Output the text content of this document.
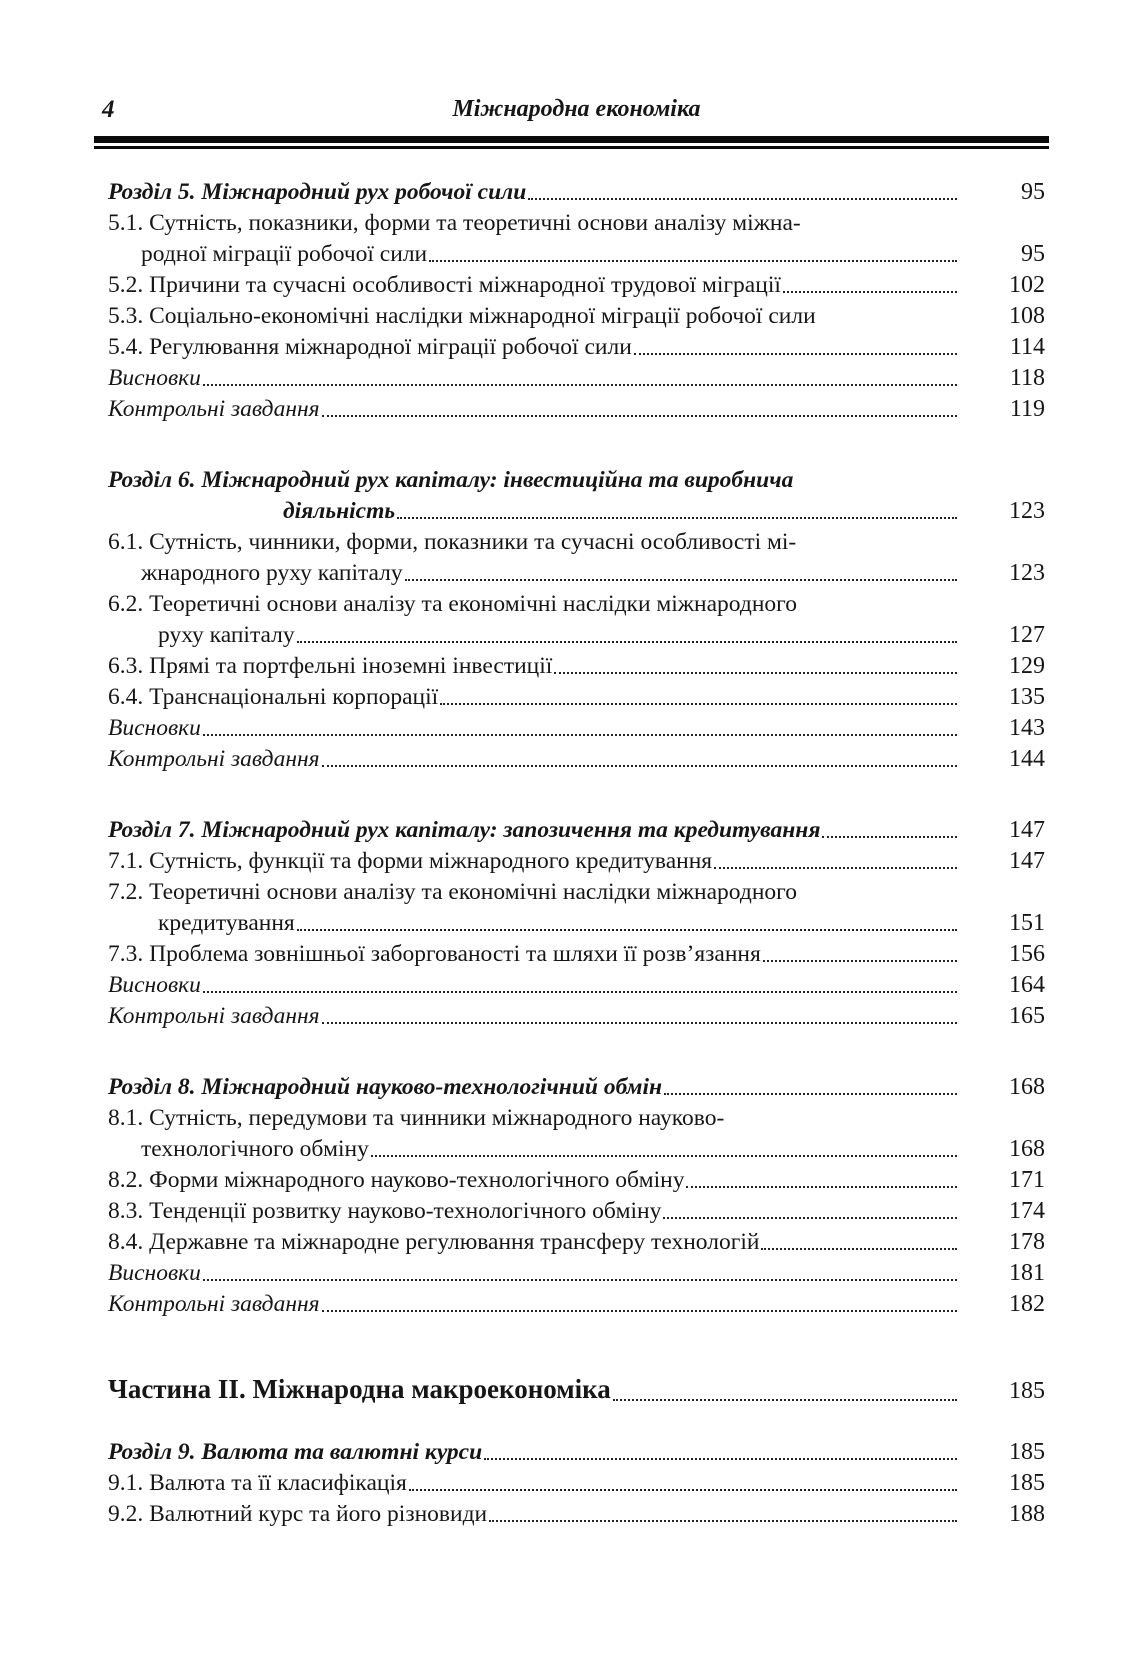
4	Міжнародна економіка
Розділ 5. Міжнародний рух робочої сили	95
5.1. Сутність, показники, форми та теоретичні основи аналізу міжна-
родної міграції робочої сили	95
5.2. Причини та сучасні особливості міжнародної трудової міграції	102
5.3. Соціально-економічні наслідки міжнародної міграції робочої сили	108
5.4. Регулювання міжнародної міграції робочої сили	114
Висновки	118
Контрольні завдання	119
Розділ 6. Міжнародний рух капіталу: інвестиційна та виробнича
діяльність	123
6.1. Сутність, чинники, форми, показники та сучасні особливості мі-
жнародного руху капіталу	123
6.2. Теоретичні основи аналізу та економічні наслідки міжнародного
руху капіталу	127
6.3. Прямі та портфельні іноземні інвестиції	129
6.4. Транснаціональні корпорації	135
Висновки	143
Контрольні завдання	144
Розділ 7. Міжнародний рух капіталу: запозичення та кредитування	147
7.1. Сутність, функції та форми міжнародного кредитування	147
7.2. Теоретичні основи аналізу та економічні наслідки міжнародного
кредитування	151
7.3. Проблема зовнішньої заборгованості та шляхи її розв’язання	156
Висновки	164
Контрольні завдання	165
Розділ 8. Міжнародний науково-технологічний обмін	168
8.1. Сутність, передумови та чинники міжнародного науково-
технологічного обміну	168
8.2. Форми міжнародного науково-технологічного обміну	171
8.3. Тенденції розвитку науково-технологічного обміну	174
8.4. Державне та міжнародне регулювання трансферу технологій	178
Висновки	181
Контрольні завдання	182
Частина II. Міжнародна макроекономіка	185
Розділ 9. Валюта та валютні курси	185
9.1. Валюта та її класифікація	185
9.2. Валютний курс та його різновиди	188
